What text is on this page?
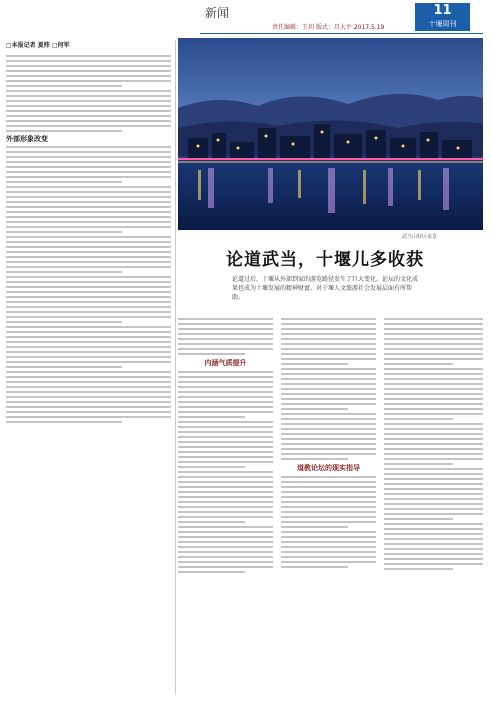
新闻	11
十堰周刊
责任编辑：王玥 版式：昌大平 2017.5.19
□本报记者 夏炜 □何军

外部形象改变

武当山特区夜景
论道武当，十堰儿多收获
论道过后，十堰从外部到家的游览路径发生了巨大变化。论坛的文化成果也成为十堰发展的精神财富。对于堰人文旅游社会发展层面有所帮助。

内涵气质提升

道教论坛的现实指导
